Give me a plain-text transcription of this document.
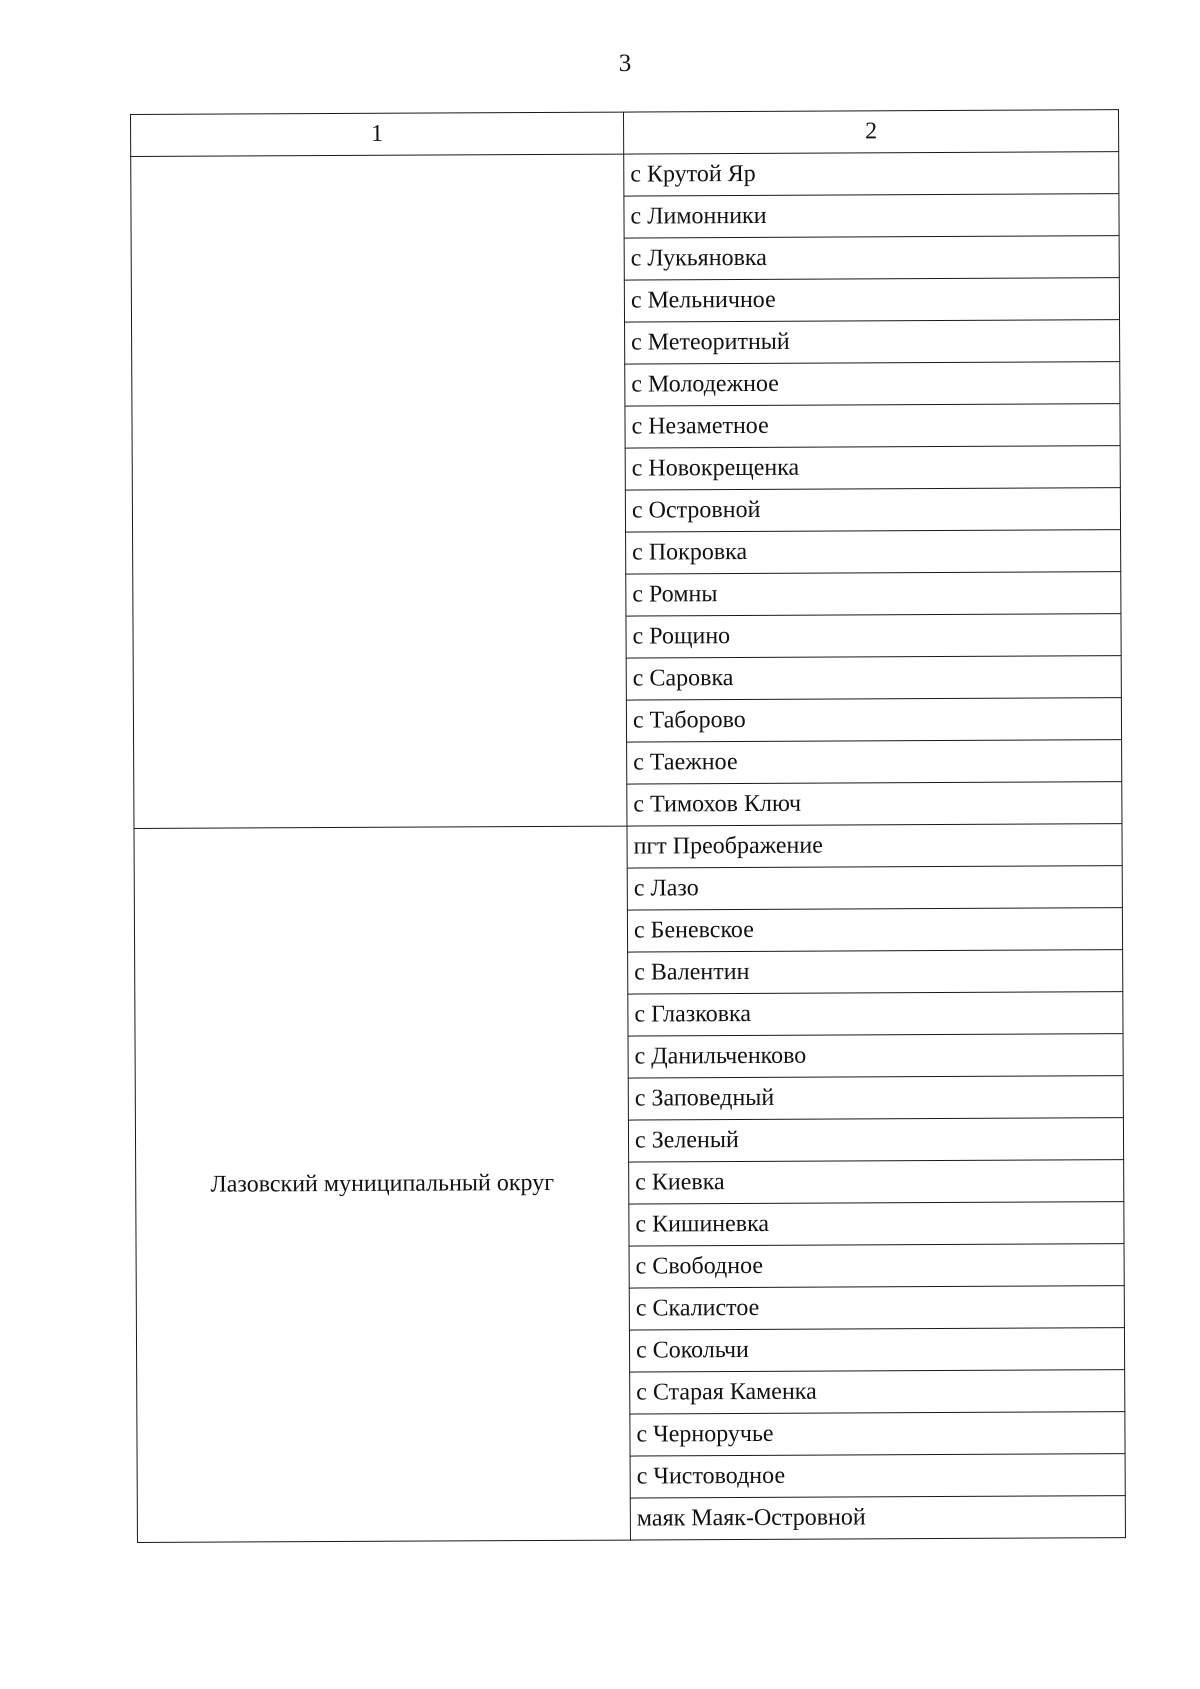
3
1	2
	с Крутой Яр
	с Лимонники
	с Лукьяновка
	с Мельничное
	с Метеоритный
	с Молодежное
	с Незаметное
	с Новокрещенка
	с Островной
	с Покровка
	с Ромны
	с Рощино
	с Саровка
	с Таборово
	с Таежное
	с Тимохов Ключ
Лазовский муниципальный округ	пгт Преображение
	с Лазо
	с Беневское
	с Валентин
	с Глазковка
	с Данильченково
	с Заповедный
	с Зеленый
	с Киевка
	с Кишиневка
	с Свободное
	с Скалистое
	с Сокольчи
	с Старая Каменка
	с Черноручье
	с Чистоводное
	маяк Маяк-Островной
